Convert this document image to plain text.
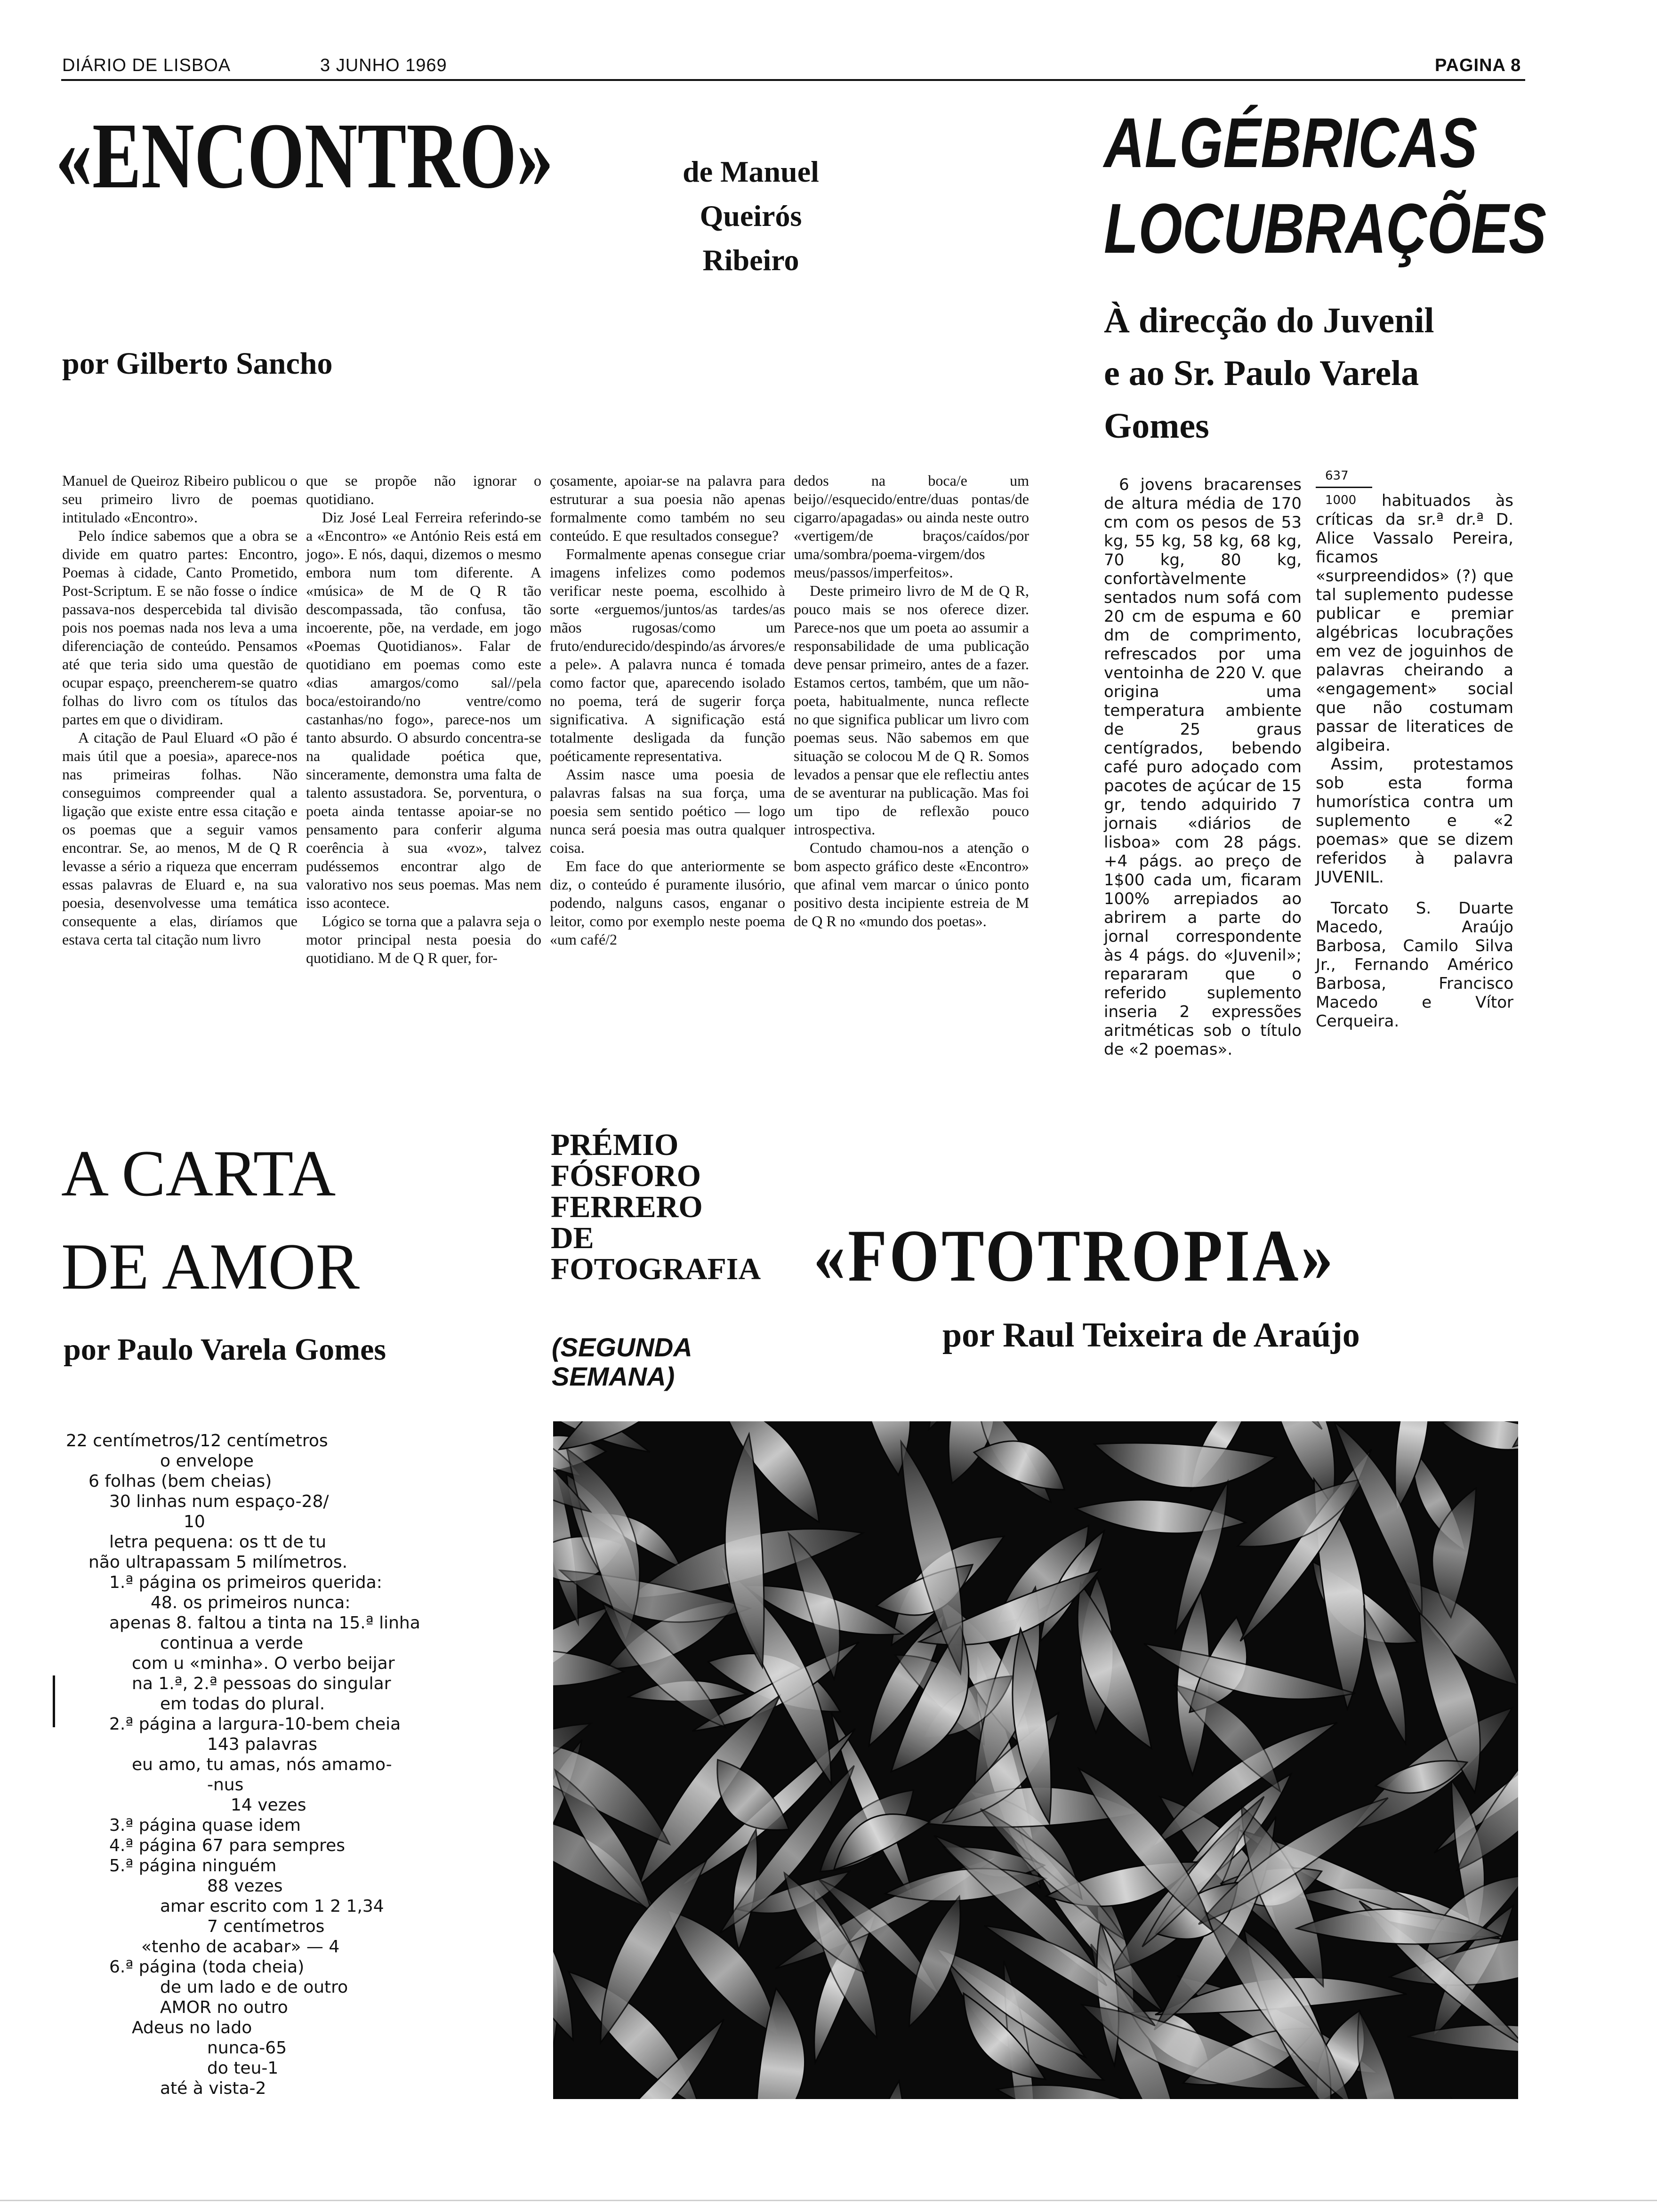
DIÁRIO DE LISBOA	3 JUNHO 1969	PAGINA 8
«ENCONTRO»	de Manuel
Queirós
Ribeiro
por Gilberto Sancho

Manuel de Queiroz Ribeiro publicou o seu primeiro livro de poemas intitulado «Encontro».

Pelo índice sabemos que a obra se divide em quatro partes: Encontro, Poemas à cidade, Canto Prometido, Post-Scriptum. E se não fosse o índice passava-nos despercebida tal divisão pois nos poemas nada nos leva a uma diferenciação de conteúdo. Pensamos até que teria sido uma questão de ocupar espaço, preencherem-se quatro folhas do livro com os títulos das partes em que o dividiram.

A citação de Paul Eluard «O pão é mais útil que a poesia», aparece-nos nas primeiras folhas. Não conseguimos compreender qual a ligação que existe entre essa citação e os poemas que a seguir vamos encontrar. Se, ao menos, M de Q R levasse a sério a riqueza que encerram essas palavras de Eluard e, na sua poesia, desenvolvesse uma temática consequente a elas, diríamos que estava certa tal citação num livro

que se propõe não ignorar o quotidiano.

Diz José Leal Ferreira referindo-se a «Encontro» «e António Reis está em jogo». E nós, daqui, dizemos o mesmo embora num tom diferente. A «música» de M de Q R tão descompassada, tão confusa, tão incoerente, põe, na verdade, em jogo «Poemas Quotidianos». Falar de quotidiano em poemas como este «dias amargos/como sal//pela boca/estoirando/no ventre/como castanhas/no fogo», parece-nos um tanto absurdo. O absurdo concentra-se na qualidade poética que, sinceramente, demonstra uma falta de talento assustadora. Se, porventura, o poeta ainda tentasse apoiar-se no pensamento para conferir alguma coerência à sua «voz», talvez pudéssemos encontrar algo de valorativo nos seus poemas. Mas nem isso acontece.

Lógico se torna que a palavra seja o motor principal nesta poesia do quotidiano. M de Q R quer, for-

çosamente, apoiar-se na palavra para estruturar a sua poesia não apenas formalmente como também no seu conteúdo. E que resultados consegue?

Formalmente apenas consegue criar imagens infelizes como podemos verificar neste poema, escolhido à sorte «erguemos/juntos/as tardes/as mãos rugosas/como um fruto/endurecido/despindo/as árvores/e a pele». A palavra nunca é tomada como factor que, aparecendo isolado no poema, terá de sugerir força significativa. A significação está totalmente desligada da função poéticamente representativa.

Assim nasce uma poesia de palavras falsas na sua força, uma poesia sem sentido poético — logo nunca será poesia mas outra qualquer coisa.

Em face do que anteriormente se diz, o conteúdo é puramente ilusório, podendo, nalguns casos, enganar o leitor, como por exemplo neste poema «um café/2

dedos na boca/e um beijo//esquecido/entre/duas pontas/de cigarro/apagadas» ou ainda neste outro «vertigem/de braços/caídos/por uma/sombra/poema-virgem/dos meus/passos/imperfeitos».

Deste primeiro livro de M de Q R, pouco mais se nos oferece dizer. Parece-nos que um poeta ao assumir a responsabilidade de uma publicação deve pensar primeiro, antes de a fazer. Estamos certos, também, que um não-poeta, habitualmente, nunca reflecte no que significa publicar um livro com poemas seus. Não sabemos em que situação se colocou M de Q R. Somos levados a pensar que ele reflectiu antes de se aventurar na publicação. Mas foi um tipo de reflexão pouco introspectiva.

Contudo chamou-nos a atenção o bom aspecto gráfico deste «Encontro» que afinal vem marcar o único ponto positivo desta incipiente estreia de M de Q R no «mundo dos poetas».

ALGÉBRICAS
LOCUBRAÇÕES
À direcção do Juvenil
e ao Sr. Paulo Varela
Gomes

6 jovens bracarenses de altura média de 170 cm com os pesos de 53 kg, 55 kg, 58 kg, 68 kg, 70 kg, 80 kg, confortàvelmente sentados num sofá com 20 cm de espuma e 60 dm de comprimento, refrescados por uma ventoinha de 220 V. que origina uma temperatura ambiente de 25 graus centígrados, bebendo café puro adoçado com pacotes de açúcar de 15 gr, tendo adquirido 7 jornais «diários de lisboa» com 28 págs. +4 págs. ao preço de 1$00 cada um, ficaram 100% arrepiados ao abrirem a parte do jornal correspondente às 4 págs. do «Juvenil»; repararam que o referido suplemento inseria 2 expressões aritméticas sob o título de «2 poemas».

637
1000	habituados às críticas da sr.ª dr.ª D. Alice Vassalo Pereira, ficamos «surpreendidos» (?) que tal suplemento pudesse publicar e premiar algébricas locubrações em vez de joguinhos de palavras cheirando a «engagement» social que não costumam passar de literatices de algibeira.

Assim, protestamos sob esta forma humorística contra um suplemento e «2 poemas» que se dizem referidos à palavra JUVENIL.

Torcato S. Duarte Macedo, Araújo Barbosa, Camilo Silva Jr., Fernando Américo Barbosa, Francisco Macedo e Vítor Cerqueira.

A CARTA
DE AMOR
por Paulo Varela Gomes
22 centímetros/12 centímetros
o envelope
6 folhas (bem cheias)
30 linhas num espaço-28/
10
letra pequena: os tt de tu
não ultrapassam 5 milímetros.
1.ª página os primeiros querida:
48. os primeiros nunca:
apenas 8. faltou a tinta na 15.ª linha
continua a verde
com u «minha». O verbo beijar
na 1.ª, 2.ª pessoas do singular
em todas do plural.
2.ª página a largura-10-bem cheia
143 palavras
eu amo, tu amas, nós amamo-
-nus
14 vezes
3.ª página quase idem
4.ª página 67 para sempres
5.ª página ninguém
88 vezes
amar escrito com 1 2 1,34
7 centímetros
«tenho de acabar» — 4
6.ª página (toda cheia)
de um lado e de outro
AMOR no outro
Adeus no lado
nunca-65
do teu-1
até à vista-2
PRÉMIO
FÓSFORO
FERRERO
DE
FOTOGRAFIA
(SEGUNDA
SEMANA)
«FOTOTROPIA»
por Raul Teixeira de Araújo
